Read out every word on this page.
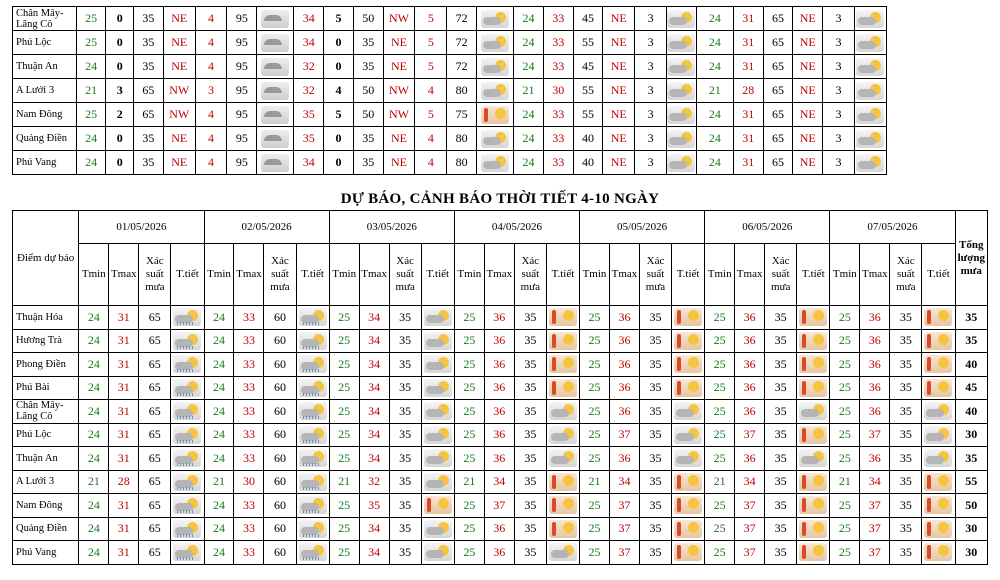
Chân Mây-Lăng Cô	25	0	35	NE	4	95		34	5	50	NW	5	72		24	33	45	NE	3		24	31	65	NE	3	

Phú Lộc	25	0	35	NE	4	95		34	0	35	NE	5	72		24	33	55	NE	3		24	31	65	NE	3	

Thuận An	24	0	35	NE	4	95		32	0	35	NE	5	72		24	33	45	NE	3		24	31	65	NE	3	

A Lưới 3	21	3	65	NW	3	95		32	4	50	NW	4	80		21	30	55	NE	3		21	28	65	NE	3	

Nam Đông	25	2	65	NW	4	95		35	5	50	NW	5	75		24	33	55	NE	3		24	31	65	NE	3	

Quảng Điền	24	0	35	NE	4	95		35	0	35	NE	4	80		24	33	40	NE	3		24	31	65	NE	3	

Phú Vang	24	0	35	NE	4	95		34	0	35	NE	4	80		24	33	40	NE	3		24	31	65	NE	3	
DỰ BÁO, CẢNH BÁO THỜI TIẾT 4-10 NGÀY
Điểm dự báo	01/05/2026				02/05/2026				03/05/2026				04/05/2026				05/05/2026				06/05/2026				07/05/2026				Tổng lượng mưa
	Tmin	Tmax	Xác suất mưa	T.tiết	Tmin	Tmax	Xác suất mưa	T.tiết	Tmin	Tmax	Xác suất mưa	T.tiết	Tmin	Tmax	Xác suất mưa	T.tiết	Tmin	Tmax	Xác suất mưa	T.tiết	Tmin	Tmax	Xác suất mưa	T.tiết	Tmin	Tmax	Xác suất mưa	T.tiết	
Thuận Hóa	24	31	65		24	33	60		25	34	35		25	36	35		25	36	35		25	36	35		25	36	35		35
Hương Trà	24	31	65		24	33	60		25	34	35		25	36	35		25	36	35		25	36	35		25	36	35		35
Phong Điền	24	31	65		24	33	60		25	34	35		25	36	35		25	36	35		25	36	35		25	36	35		40
Phú Bài	24	31	65		24	33	60		25	34	35		25	36	35		25	36	35		25	36	35		25	36	35		45
Chân Mây-Lăng Cô	24	31	65		24	33	60		25	34	35		25	36	35		25	36	35		25	36	35		25	36	35		40
Phú Lộc	24	31	65		24	33	60		25	34	35		25	36	35		25	37	35		25	37	35		25	37	35		30
Thuận An	24	31	65		24	33	60		25	34	35		25	36	35		25	36	35		25	36	35		25	36	35		35
A Lưới 3	21	28	65		21	30	60		21	32	35		21	34	35		21	34	35		21	34	35		21	34	35		55
Nam Đông	24	31	65		24	33	60		25	35	35		25	37	35		25	37	35		25	37	35		25	37	35		50
Quảng Điền	24	31	65		24	33	60		25	34	35		25	36	35		25	37	35		25	37	35		25	37	35		30
Phú Vang	24	31	65		24	33	60		25	34	35		25	36	35		25	37	35		25	37	35		25	37	35		30
